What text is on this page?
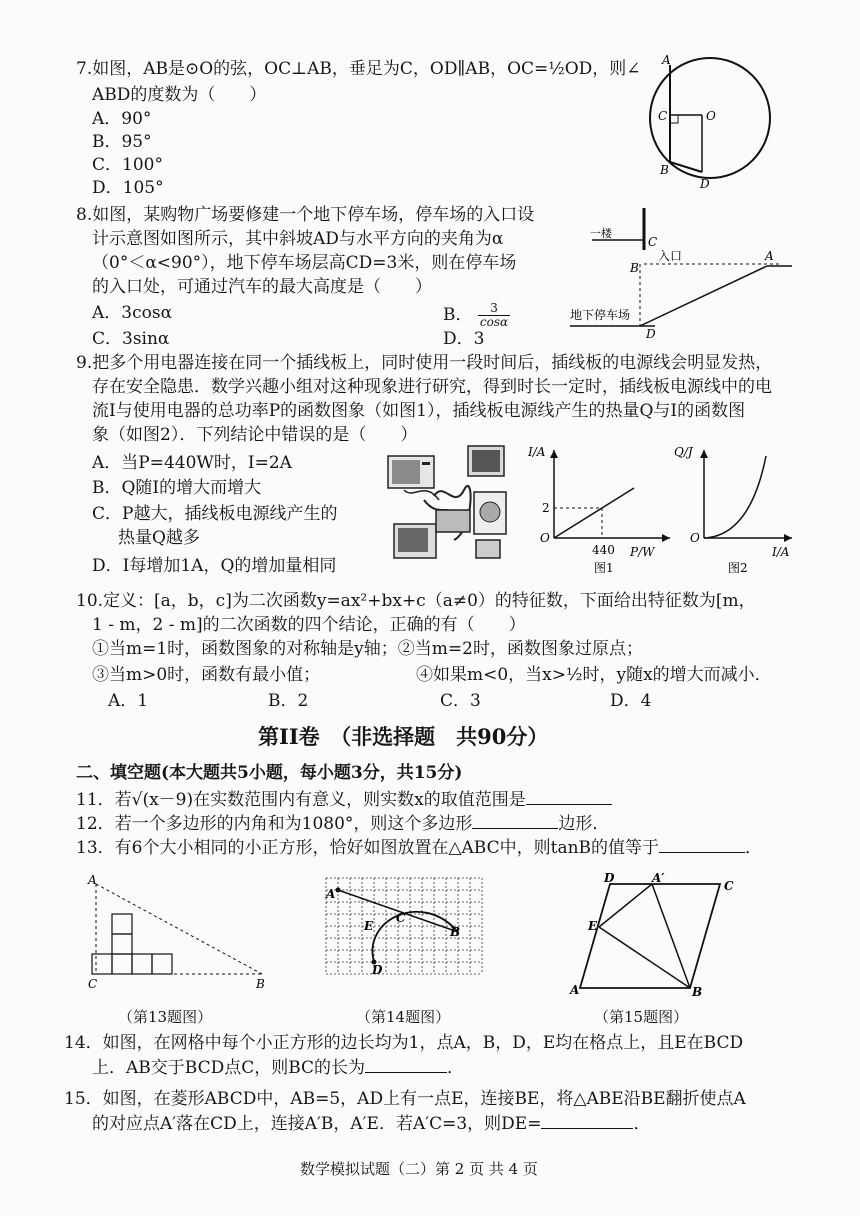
7.如图，AB是⊙O的弦，OC⊥AB，垂足为C，OD∥AB，OC=½OD，则∠
ABD的度数为（　　）
A．90°
B．95°
C．100°
D．105°
A
C	O
B
D
8.如图，某购物广场要修建一个地下停车场，停车场的入口设
计示意图如图所示，其中斜坡AD与水平方向的夹角为α
（0°＜α<90°），地下停车场层高CD=3米，则在停车场
的入口处，可通过汽车的最大高度是（　　）
A．3cosα	B． $\frac{3}{\cos\alpha}$
C．3sinα	D．3
一楼
C
B
入口	A
地下停车场
D
9.把多个用电器连接在同一个插线板上，同时使用一段时间后，插线板的电源线会明显发热，
存在安全隐患．数学兴趣小组对这种现象进行研究，得到时长一定时，插线板电源线中的电
流I与使用电器的总功率P的函数图象（如图1），插线板电源线产生的热量Q与I的函数图
象（如图2）．下列结论中错误的是（　　）
A．当P=440W时，I=2A
B．Q随I的增大而增大
C．P越大，插线板电源线产生的
热量Q越多
D．I每增加1A，Q的增加量相同
I/A
P/W
O
2
440
图1
Q/J
I/A
O
图2
10.定义：[a，b，c]为二次函数y=ax²+bx+c（a≠0）的特征数，下面给出特征数为[m，
1 - m，2 - m]的二次函数的四个结论，正确的有（　　）
①当m=1时，函数图象的对称轴是y轴；②当m=2时，函数图象过原点；
③当m>0时，函数有最小值；	④如果m<0，当x>½时，y随x的增大而减小．
A．1	B．2	C．3	D．4
第II卷　（非选择题　共90分）
二、填空题(本大题共5小题，每小题3分，共15分)
11．若√(x－9)在实数范围内有意义，则实数x的取值范围是
12．若一个多边形的内角和为1080°，则这个多边形	边形．
13．有6个大小相同的小正方形，恰好如图放置在△ABC中，则tanB的值等于	．
A
C	B
A
E
C
B
D
D	A′
C
E
A	B
（第13题图）	（第14题图）	（第15题图）
14．如图，在网格中每个小正方形的边长均为1，点A，B，D，E均在格点上，且E在BCD
上．AB交于BCD点C，则BC的长为	．
15．如图，在菱形ABCD中，AB=5，AD上有一点E，连接BE，将△ABE沿BE翻折使点A
的对应点A′落在CD上，连接A′B，A′E．若A′C=3，则DE=	．
数学模拟试题（二）第 2 页 共 4 页
